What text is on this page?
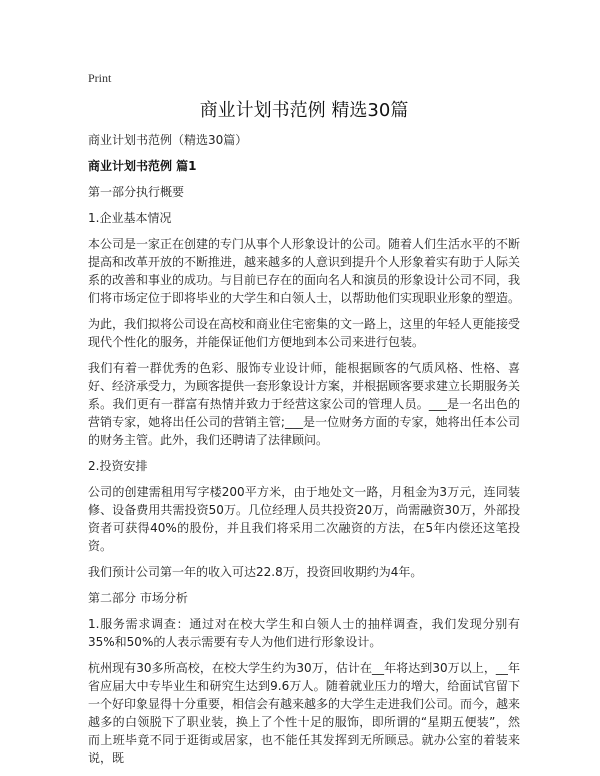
Print
商业计划书范例 精选30篇

商业计划书范例（精选30篇）

商业计划书范例 篇1

第一部分执行概要

1.企业基本情况

本公司是一家正在创建的专门从事个人形象设计的公司。随着人们生活水平的不断提高和改革开放的不断推进，越来越多的人意识到提升个人形象着实有助于人际关系的改善和事业的成功。与目前已存在的面向名人和演员的形象设计公司不同，我们将市场定位于即将毕业的大学生和白领人士，以帮助他们实现职业形象的塑造。

为此，我们拟将公司设在高校和商业住宅密集的文一路上，这里的年轻人更能接受现代个性化的服务，并能保证他们方便地到本公司来进行包装。

我们有着一群优秀的色彩、服饰专业设计师，能根据顾客的气质风格、性格、喜好、经济承受力，为顾客提供一套形象设计方案，并根据顾客要求建立长期服务关系。我们更有一群富有热情并致力于经营这家公司的管理人员。___是一名出色的营销专家，她将出任公司的营销主管;___是一位财务方面的专家，她将出任本公司的财务主管。此外，我们还聘请了法律顾问。

2.投资安排

公司的创建需租用写字楼200平方米，由于地处文一路，月租金为3万元，连同装修、设备费用共需投资50万。几位经理人员共投资20万，尚需融资30万，外部投资者可获得40%的股份，并且我们将采用二次融资的方法，在5年内偿还这笔投资。

我们预计公司第一年的收入可达22.8万，投资回收期约为4年。

第二部分 市场分析

1.服务需求调查：通过对在校大学生和白领人士的抽样调查，我们发现分别有35%和50%的人表示需要有专人为他们进行形象设计。

杭州现有30多所高校，在校大学生约为30万，估计在__年将达到30万以上，__年省应届大中专毕业生和研究生达到9.6万人。随着就业压力的增大，给面试官留下一个好印象显得十分重要，相信会有越来越多的大学生走进我们公司。而今，越来越多的白领脱下了职业装，换上了个性十足的服饰，即所谓的“星期五便装”，然而上班毕竟不同于逛街或居家，也不能任其发挥到无所顾忌。就办公室的着装来说，既
